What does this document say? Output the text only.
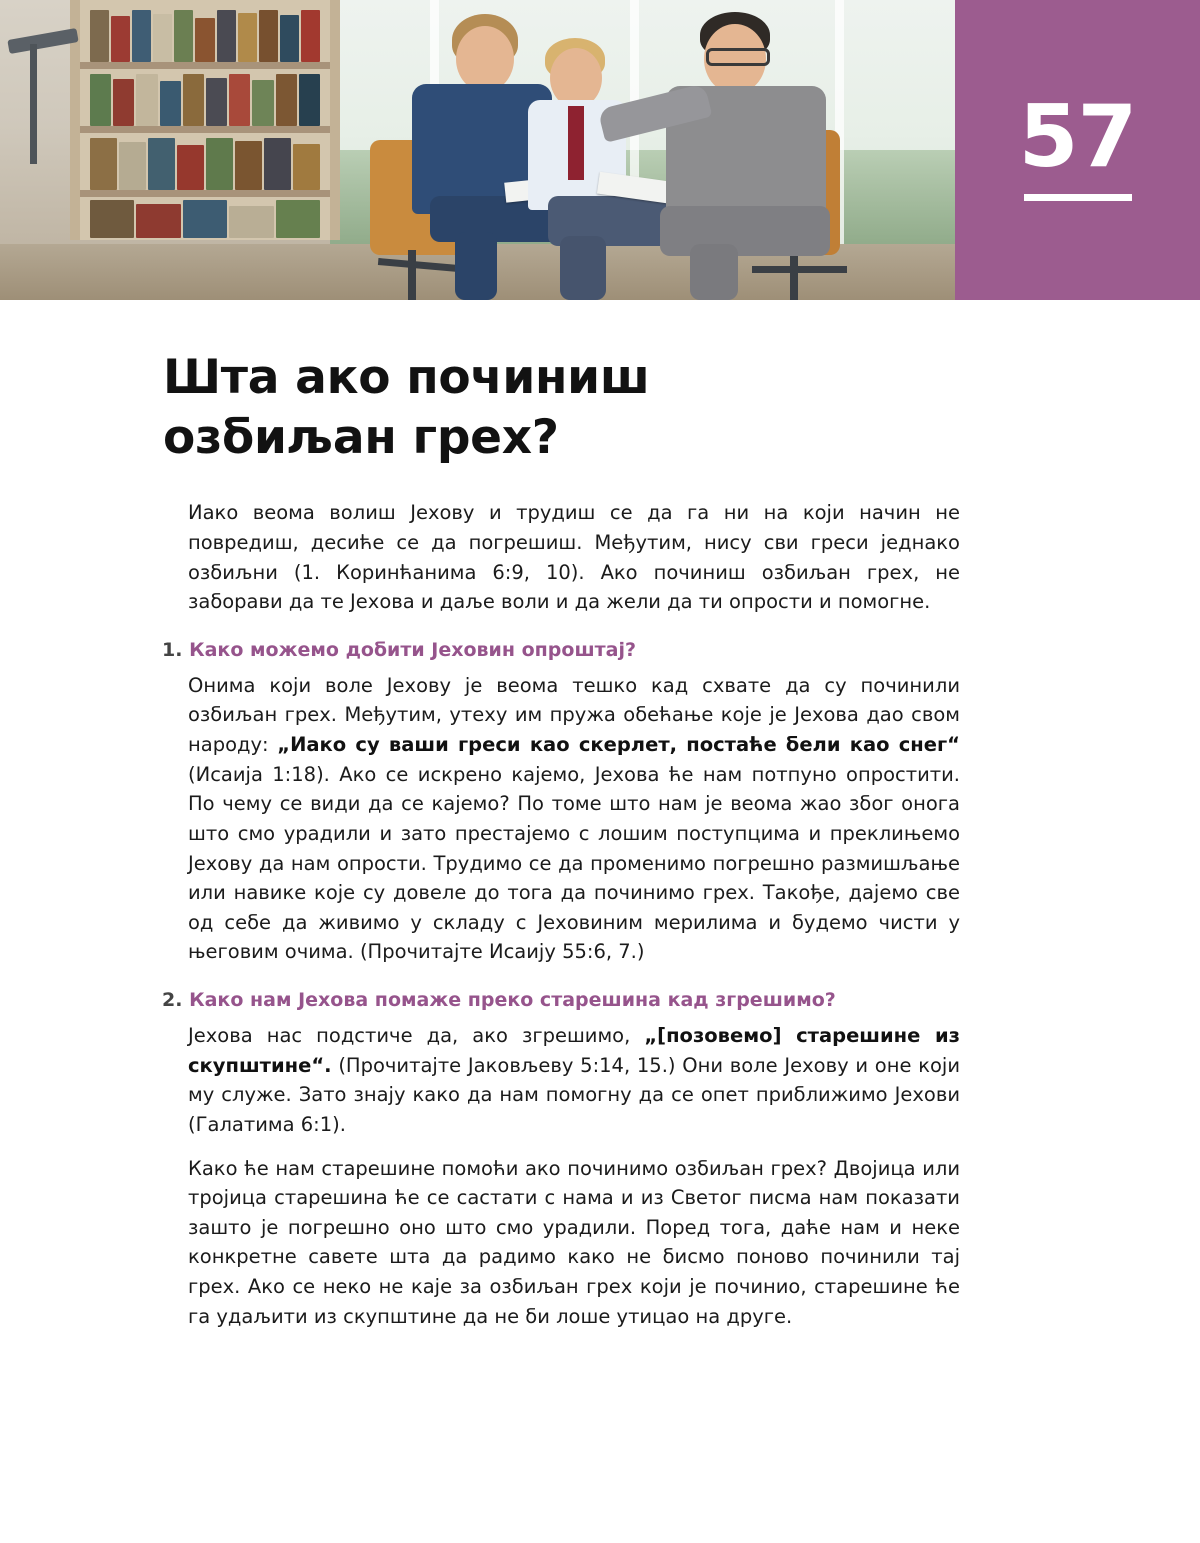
57
Шта ако починиш
озбиљан грех?

Иако веома волиш Јехову и трудиш се да га ни на који начин не повредиш, десиће се да погрешиш. Међутим, нису сви греси једнако озбиљни (1. Коринћанима 6:9, 10). Ако починиш озбиљан грех, не заборави да те Јехова и даље воли и да жели да ти опрости и помогне.

1. Како можемо добити Јеховин опроштај?

Онима који воле Јехову је веома тешко кад схвате да су починили озбиљан грех. Међутим, утеху им пружа обећање које је Јехова дао свом народу: „Иако су ваши греси као скерлет, постаће бели као снег“ (Исаија 1:18). Ако се искрено кајемо, Јехова ће нам потпуно опростити. По чему се види да се кајемо? По томе што нам је веома жао због онога што смо урадили и зато престајемо с лошим поступцима и преклињемо Јехову да нам опрости. Трудимо се да променимо погрешно размишљање или навике које су довеле до тога да починимо грех. Такође, дајемо све од себе да живимо у складу с Јеховиним мерилима и будемо чисти у његовим очима. (Прочитајте Исаију 55:6, 7.)

2. Како нам Јехова помаже преко старешина кад згрешимо?

Јехова нас подстиче да, ако згрешимо, „[позовемо] старешине из скупштине“. (Прочитајте Јаковљеву 5:14, 15.) Они воле Јехову и оне који му служе. Зато знају како да нам помогну да се опет приближимо Јехови (Галатима 6:1).

Како ће нам старешине помоћи ако починимо озбиљан грех? Двојица или тројица старешина ће се састати с нама и из Светог писма нам показати зашто је погрешно оно што смо урадили. Поред тога, даће нам и неке конкретне савете шта да радимо како не бисмо поново починили тај грех. Ако се неко не каје за озбиљан грех који је починио, старешине ће га удаљити из скупштине да не би лоше утицао на друге.
